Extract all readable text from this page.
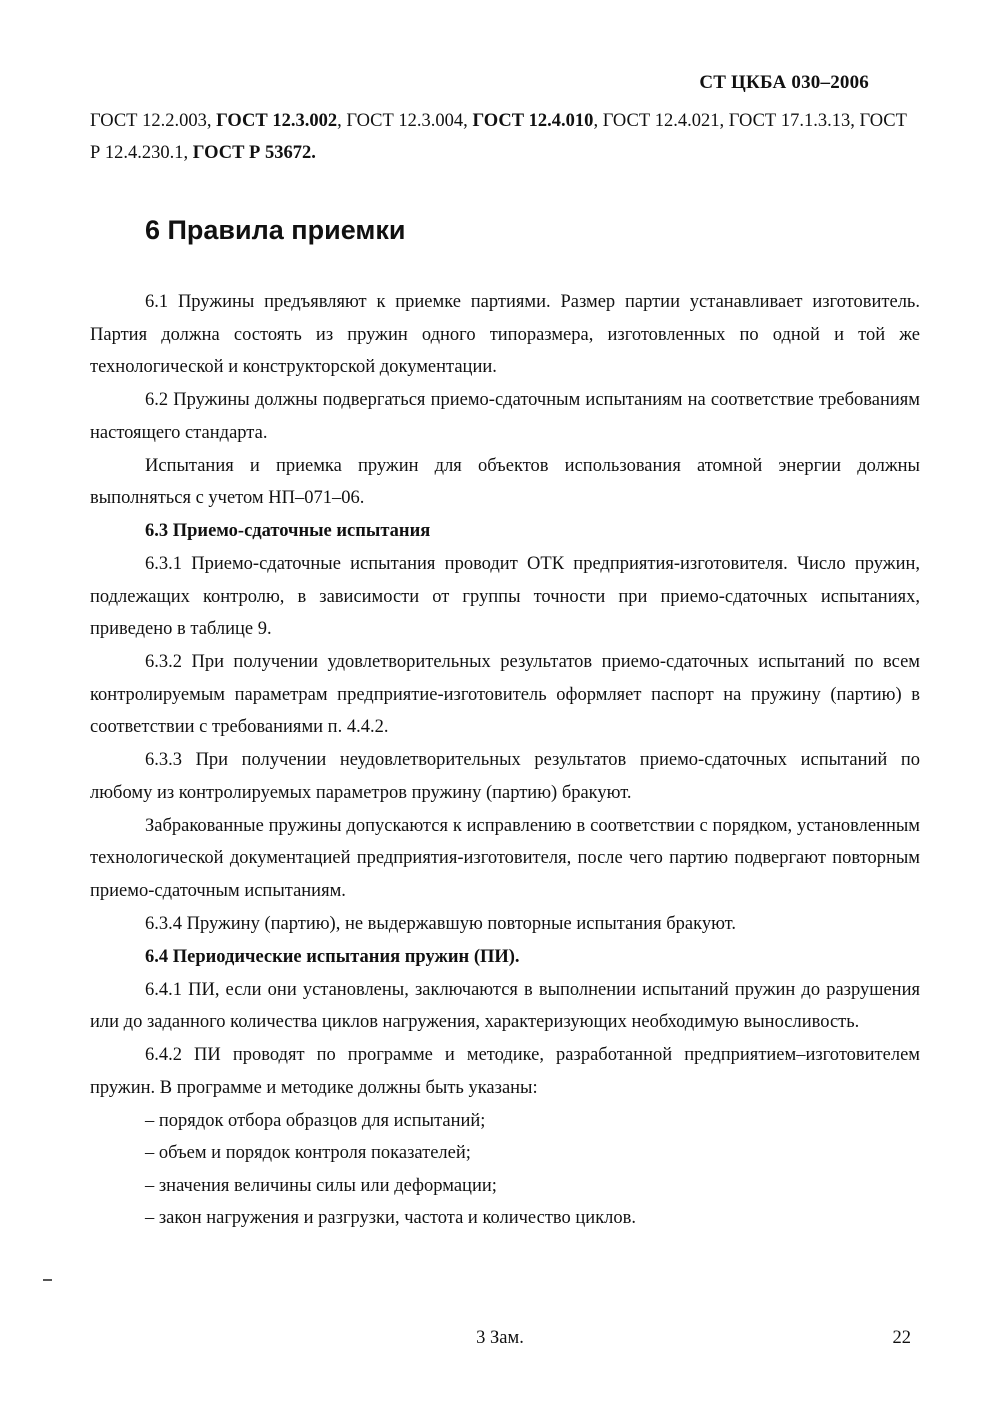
СТ ЦКБА 030–2006
ГОСТ 12.2.003, ГОСТ 12.3.002, ГОСТ 12.3.004, ГОСТ 12.4.010, ГОСТ 12.4.021, ГОСТ 17.1.3.13, ГОСТ Р 12.4.230.1, ГОСТ Р 53672.
6 Правила приемки

6.1 Пружины предъявляют к приемке партиями. Размер партии устанавливает изготовитель. Партия должна состоять из пружин одного типоразмера, изготовленных по одной и той же технологической и конструкторской документации.

6.2 Пружины должны подвергаться приемо-сдаточным испытаниям на соответствие требованиям настоящего стандарта.

Испытания и приемка пружин для объектов использования атомной энергии должны выполняться с учетом НП–071–06.

6.3 Приемо-сдаточные испытания

6.3.1 Приемо-сдаточные испытания проводит ОТК предприятия-изготовителя. Число пружин, подлежащих контролю, в зависимости от группы точности при приемо-сдаточных испытаниях, приведено в таблице 9.

6.3.2 При получении удовлетворительных результатов приемо-сдаточных испытаний по всем контролируемым параметрам предприятие-изготовитель оформляет паспорт на пружину (партию) в соответствии с требованиями п. 4.4.2.

6.3.3 При получении неудовлетворительных результатов приемо-сдаточных испытаний по любому из контролируемых параметров пружину (партию) бракуют.

Забракованные пружины допускаются к исправлению в соответствии с порядком, установленным технологической документацией предприятия-изготовителя, после чего партию подвергают повторным приемо-сдаточным испытаниям.

6.3.4 Пружину (партию), не выдержавшую повторные испытания бракуют.

6.4 Периодические испытания пружин (ПИ).

6.4.1 ПИ, если они установлены, заключаются в выполнении испытаний пружин до разрушения или до заданного количества циклов нагружения, характеризующих необходимую выносливость.

6.4.2 ПИ проводят по программе и методике, разработанной предприятием–изготовителем пружин. В программе и методике должны быть указаны:

– порядок отбора образцов для испытаний;

– объем и порядок контроля показателей;

– значения величины силы или деформации;

– закон нагружения и разгрузки, частота и количество циклов.

3 Зам.	22
